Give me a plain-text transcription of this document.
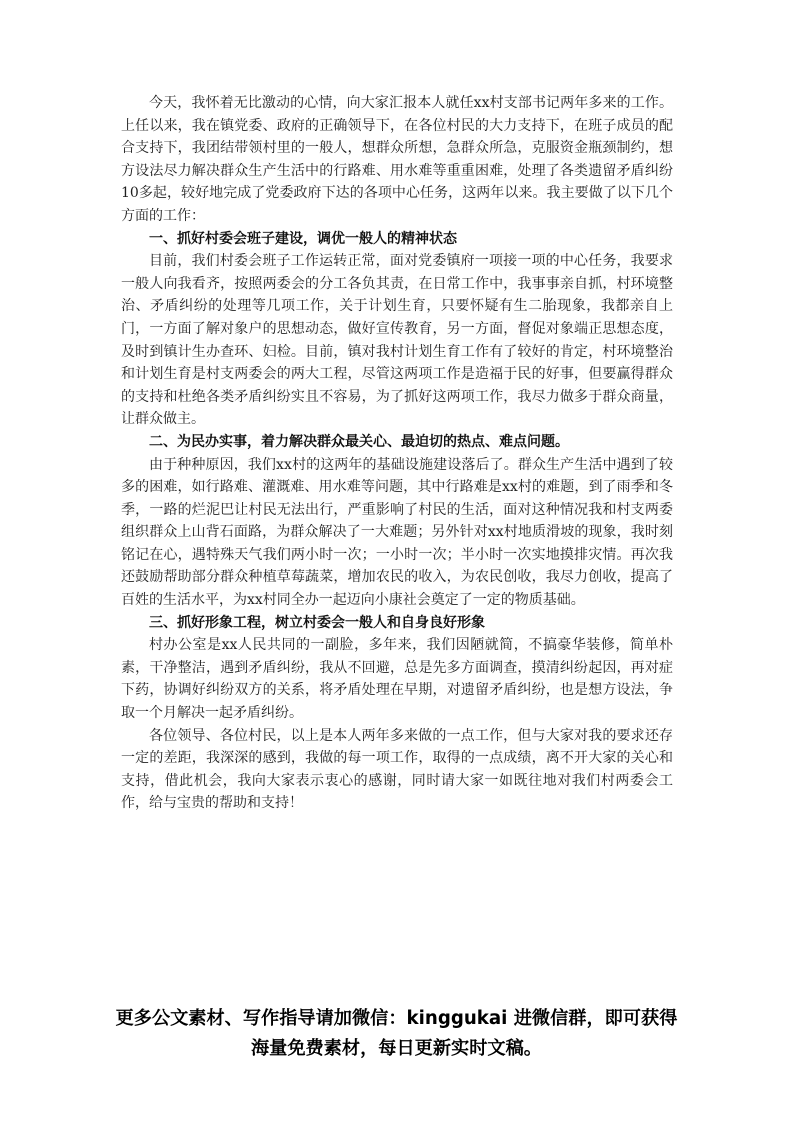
今天，我怀着无比激动的心情，向大家汇报本人就任xx村支部书记两年多来的工作。上任以来，我在镇党委、政府的正确领导下，在各位村民的大力支持下，在班子成员的配合支持下，我团结带领村里的一般人，想群众所想，急群众所急，克服资金瓶颈制约，想方设法尽力解决群众生产生活中的行路难、用水难等重重困难，处理了各类遗留矛盾纠纷10多起，较好地完成了党委政府下达的各项中心任务，这两年以来。我主要做了以下几个方面的工作：

一、抓好村委会班子建设，调优一般人的精神状态

目前，我们村委会班子工作运转正常，面对党委镇府一项接一项的中心任务，我要求一般人向我看齐，按照两委会的分工各负其责，在日常工作中，我事事亲自抓，村环境整治、矛盾纠纷的处理等几项工作，关于计划生育，只要怀疑有生二胎现象，我都亲自上门，一方面了解对象户的思想动态，做好宣传教育，另一方面，督促对象端正思想态度，及时到镇计生办查环、妇检。目前，镇对我村计划生育工作有了较好的肯定，村环境整治和计划生育是村支两委会的两大工程，尽管这两项工作是造福于民的好事，但要赢得群众的支持和杜绝各类矛盾纠纷实且不容易，为了抓好这两项工作，我尽力做多于群众商量，让群众做主。

二、为民办实事，着力解决群众最关心、最迫切的热点、难点问题。

由于种种原因，我们xx村的这两年的基础设施建设落后了。群众生产生活中遇到了较多的困难，如行路难、灌溉难、用水难等问题，其中行路难是xx村的难题，到了雨季和冬季，一路的烂泥巴让村民无法出行，严重影响了村民的生活，面对这种情况我和村支两委组织群众上山背石面路，为群众解决了一大难题；另外针对xx村地质滑坡的现象，我时刻铭记在心，遇特殊天气我们两小时一次；一小时一次；半小时一次实地摸排灾情。再次我还鼓励帮助部分群众种植草莓蔬菜，增加农民的收入，为农民创收，我尽力创收，提高了百姓的生活水平，为xx村同全办一起迈向小康社会奠定了一定的物质基础。

三、抓好形象工程，树立村委会一般人和自身良好形象

村办公室是xx人民共同的一副脸，多年来，我们因陋就简，不搞豪华装修，简单朴素，干净整洁，遇到矛盾纠纷，我从不回避，总是先多方面调查，摸清纠纷起因，再对症下药，协调好纠纷双方的关系，将矛盾处理在早期，对遗留矛盾纠纷，也是想方设法，争取一个月解决一起矛盾纠纷。

各位领导、各位村民，以上是本人两年多来做的一点工作，但与大家对我的要求还存一定的差距，我深深的感到，我做的每一项工作，取得的一点成绩，离不开大家的关心和支持，借此机会，我向大家表示衷心的感谢，同时请大家一如既往地对我们村两委会工作，给与宝贵的帮助和支持！

更多公文素材、写作指导请加微信：kinggukai 进微信群，即可获得海量免费素材，每日更新实时文稿。
